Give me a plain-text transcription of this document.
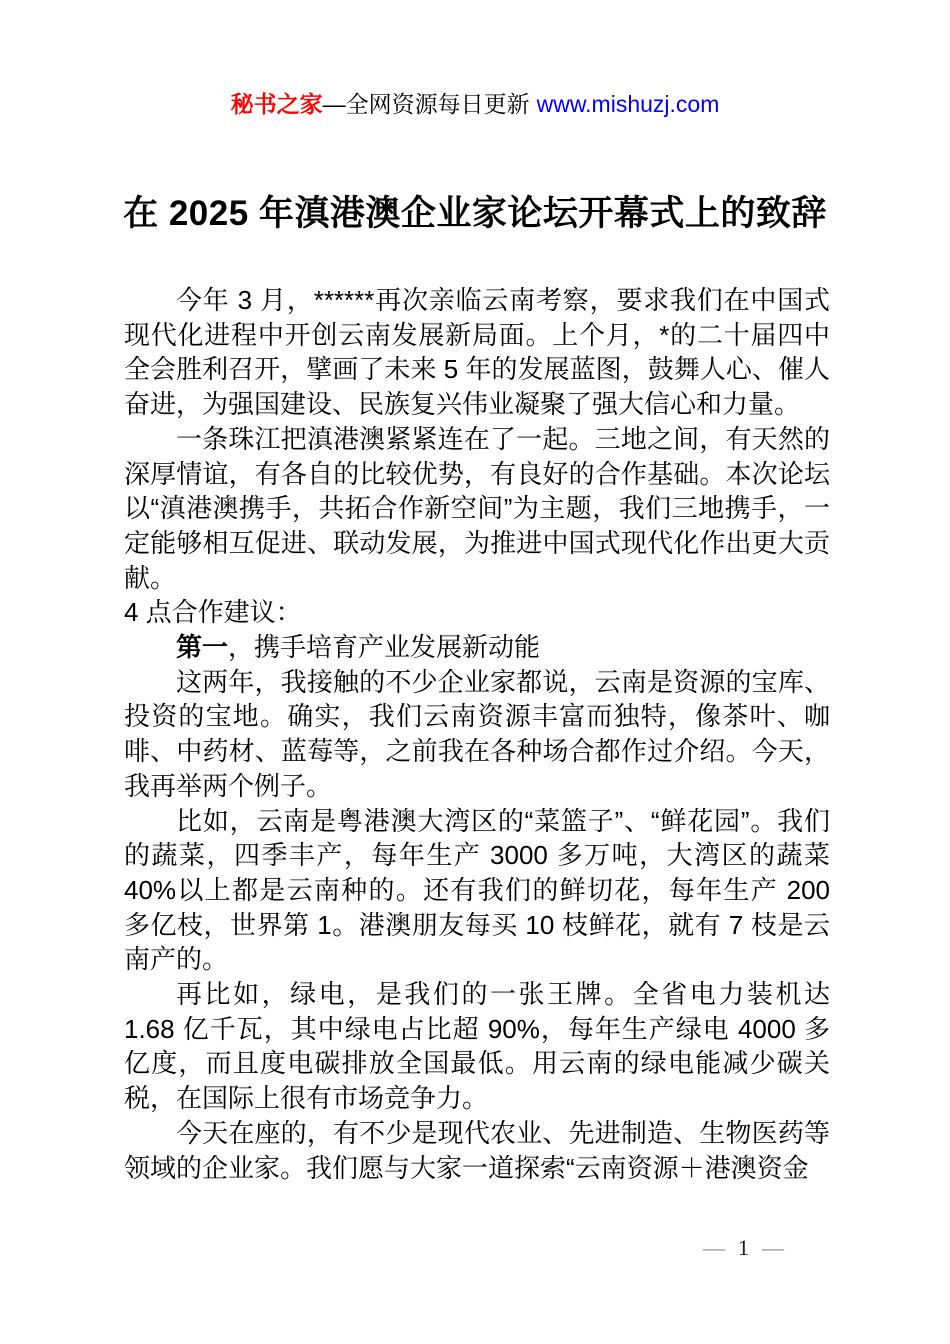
秘书之家—全网资源每日更新 www.mishuzj.com
在 2025 年滇港澳企业家论坛开幕式上的致辞

今年 3 月，******再次亲临云南考察，要求我们在中国式现代化进程中开创云南发展新局面。上个月，*的二十届四中全会胜利召开，擘画了未来 5 年的发展蓝图，鼓舞人心、催人奋进，为强国建设、民族复兴伟业凝聚了强大信心和力量。

一条珠江把滇港澳紧紧连在了一起。三地之间，有天然的深厚情谊，有各自的比较优势，有良好的合作基础。本次论坛以“滇港澳携手，共拓合作新空间”为主题，我们三地携手，一定能够相互促进、联动发展，为推进中国式现代化作出更大贡献。

4 点合作建议：

第一，携手培育产业发展新动能

这两年，我接触的不少企业家都说，云南是资源的宝库、投资的宝地。确实，我们云南资源丰富而独特，像茶叶、咖啡、中药材、蓝莓等，之前我在各种场合都作过介绍。今天，我再举两个例子。

比如，云南是粤港澳大湾区的“菜篮子”、“鲜花园”。我们的蔬菜，四季丰产，每年生产 3000 多万吨，大湾区的蔬菜 40%以上都是云南种的。还有我们的鲜切花，每年生产 200 多亿枝，世界第 1。港澳朋友每买 10 枝鲜花，就有 7 枝是云南产的。

再比如，绿电，是我们的一张王牌。全省电力装机达 1.68 亿千瓦，其中绿电占比超 90%，每年生产绿电 4000 多亿度，而且度电碳排放全国最低。用云南的绿电能减少碳关税，在国际上很有市场竞争力。

今天在座的，有不少是现代农业、先进制造、生物医药等领域的企业家。我们愿与大家一道探索“云南资源＋港澳资金

— 1 —
